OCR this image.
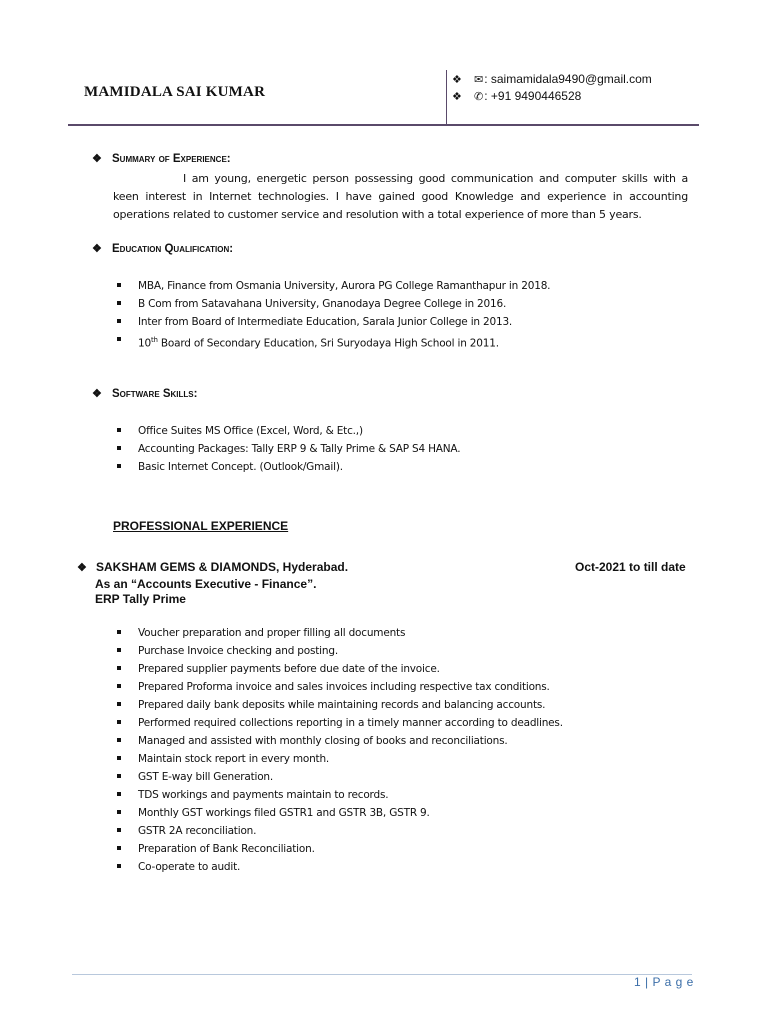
MAMIDALA SAI KUMAR
❖	✉ : saimamidala9490@gmail.com
❖	✆ : +91 9490446528
❖ Summary of Experience:
I am young, energetic person possessing good communication and computer skills with a keen interest in Internet technologies. I have gained good Knowledge and experience in accounting operations related to customer service and resolution with a total experience of more than 5 years.
❖ Education Qualification:
MBA, Finance from Osmania University, Aurora PG College Ramanthapur in 2018.
B Com from Satavahana University, Gnanodaya Degree College in 2016.
Inter from Board of Intermediate Education, Sarala Junior College in 2013.
10th Board of Secondary Education, Sri Suryodaya High School in 2011.
❖ Software Skills:
Office Suites MS Office (Excel, Word, & Etc.,)
Accounting Packages: Tally ERP 9 & Tally Prime & SAP S4 HANA.
Basic Internet Concept. (Outlook/Gmail).
PROFESSIONAL EXPERIENCE
❖ SAKSHAM GEMS & DIAMONDS, Hyderabad.	Oct-2021 to till date
As an “Accounts Executive - Finance”.
ERP Tally Prime
Voucher preparation and proper filling all documents
Purchase Invoice checking and posting.
Prepared supplier payments before due date of the invoice.
Prepared Proforma invoice and sales invoices including respective tax conditions.
Prepared daily bank deposits while maintaining records and balancing accounts.
Performed required collections reporting in a timely manner according to deadlines.
Managed and assisted with monthly closing of books and reconciliations.
Maintain stock report in every month.
GST E-way bill Generation.
TDS workings and payments maintain to records.
Monthly GST workings filed GSTR1 and GSTR 3B, GSTR 9.
GSTR 2A reconciliation.
Preparation of Bank Reconciliation.
Co-operate to audit.
1 | P a g e
